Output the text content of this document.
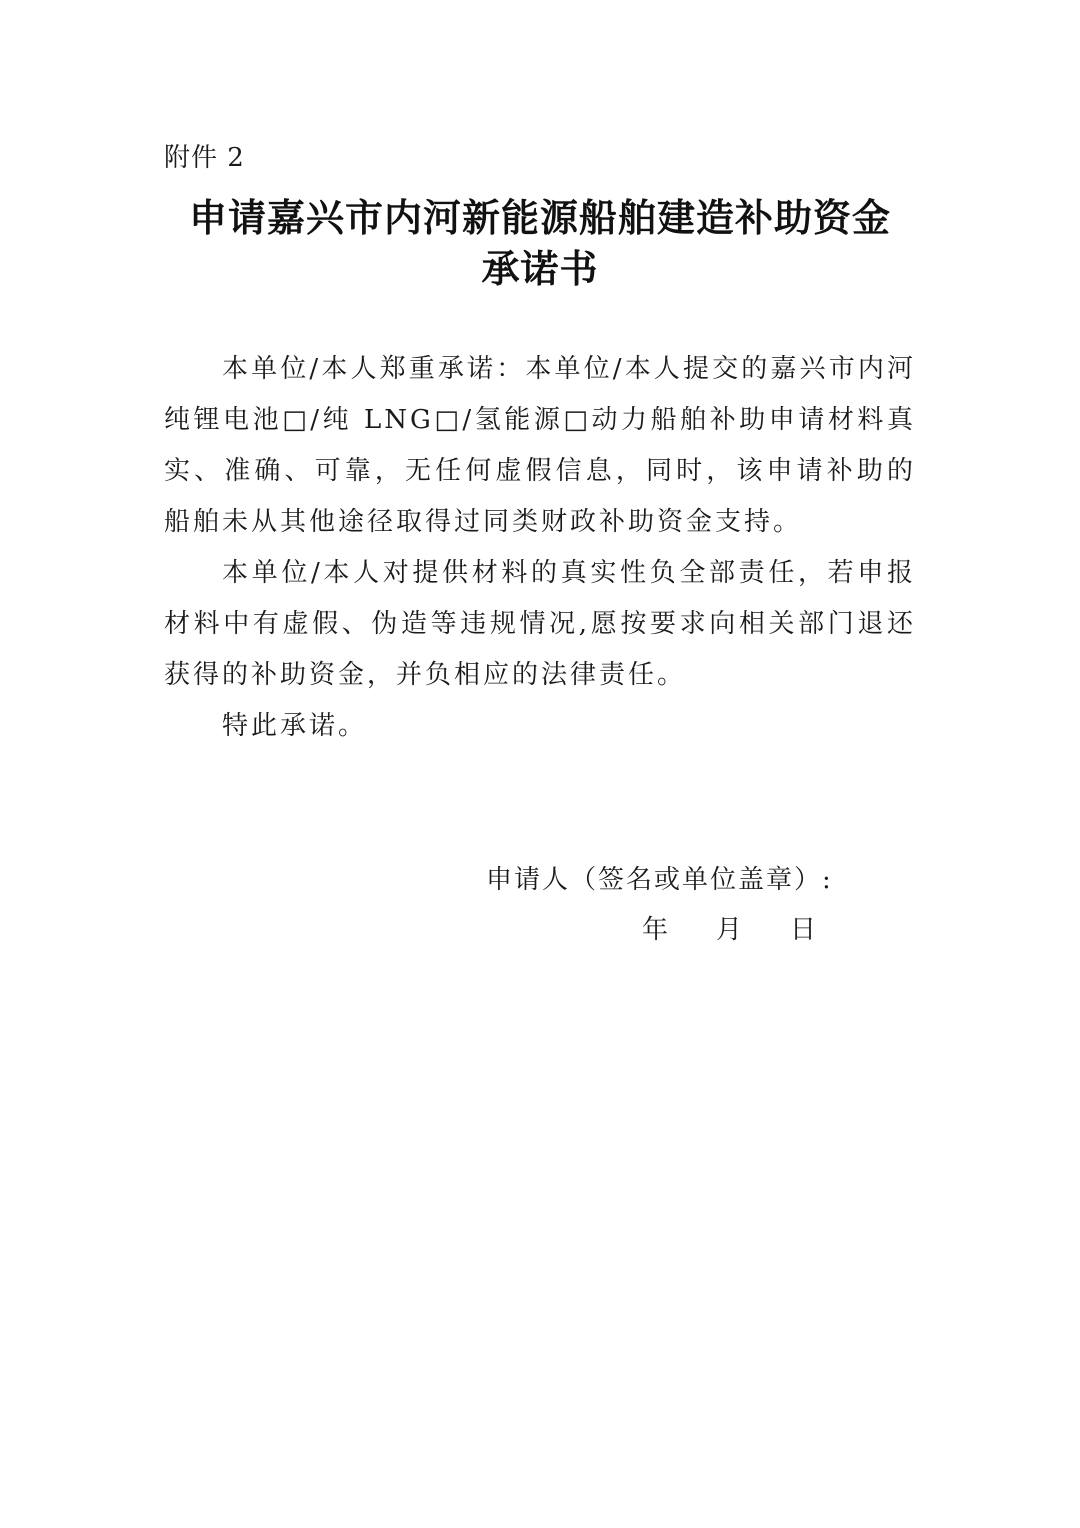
附件 2
申请嘉兴市内河新能源船舶建造补助资金
承诺书

本单位/本人郑重承诺：本单位/本人提交的嘉兴市内河纯锂电池□/纯 LNG□/氢能源□动力船舶补助申请材料真实、准确、可靠，无任何虚假信息，同时，该申请补助的船舶未从其他途径取得过同类财政补助资金支持。

本单位/本人对提供材料的真实性负全部责任，若申报材料中有虚假、伪造等违规情况,愿按要求向相关部门退还获得的补助资金，并负相应的法律责任。

特此承诺。

申请人（签名或单位盖章）:
年 月 日
